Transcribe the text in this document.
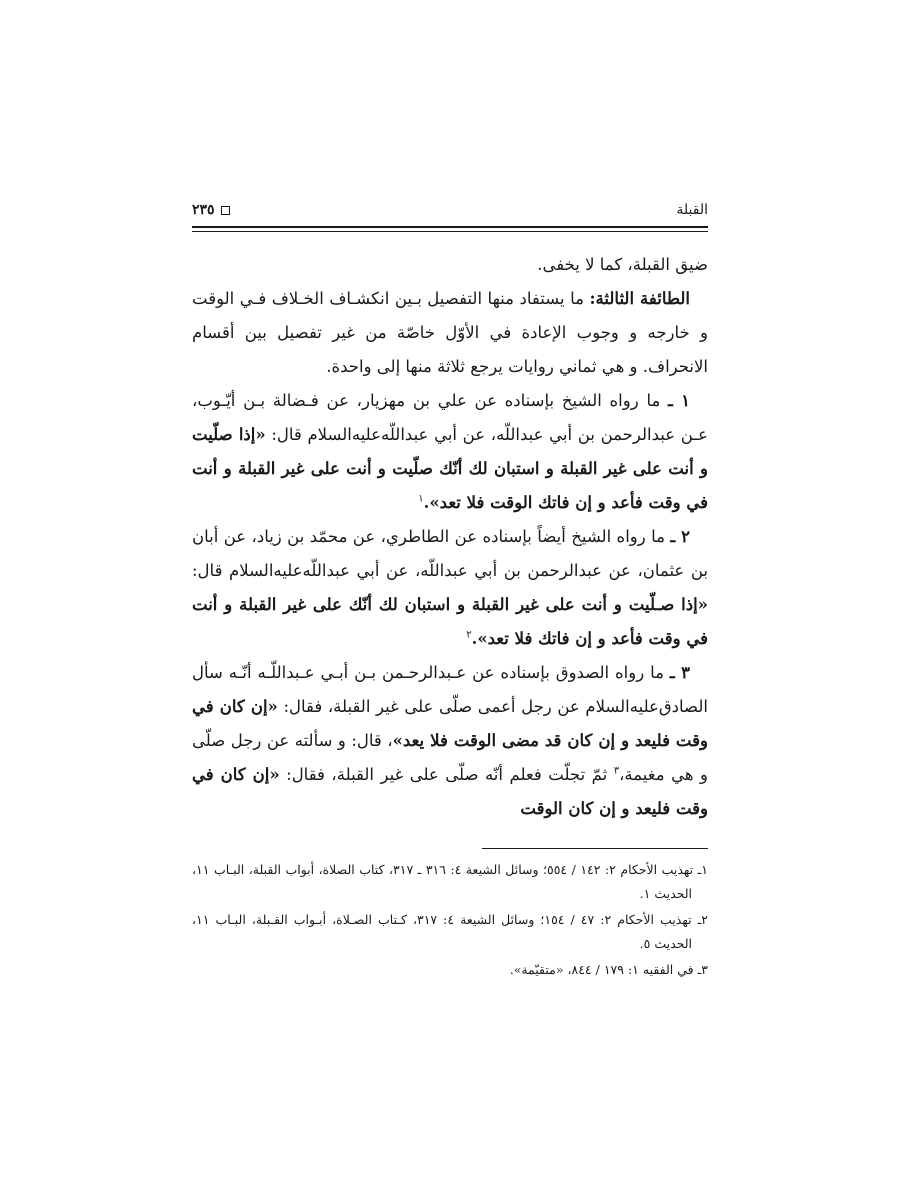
القبلة
٢٣٥

ضيق القبلة، كما لا يخفى.

الطائفة الثالثة: ما يستفاد منها التفصيل بـين انكشـاف الخـلاف فـي الوقت و خارجه و وجوب الإعادة في الأوّل خاصّة من غير تفصيل بين أقسام الانحراف. و هي ثماني روايات يرجع ثلاثة منها إلى واحدة.

١ ـ ما رواه الشيخ بإسناده عن علي بن مهزيار، عن فـضالة بـن أيّـوب، عـن عبدالرحمن بن أبي عبداللّه، عن أبي عبداللّه‌عليه‌السلام قال: «إذا صلّيت و أنت على غير القبلة و استبان لك أنّك صلّيت و أنت على غير القبلة و أنت في وقت فأعد و إن فاتك الوقت فلا تعد».$^١$

٢ ـ ما رواه الشيخ أيضاً بإسناده عن الطاطري، عن محمّد بن زياد، عن أبان بن عثمان، عن عبدالرحمن بن أبي عبداللّه، عن أبي عبداللّه‌عليه‌السلام قال: «إذا صـلّيت و أنت على غير القبلة و استبان لك أنّك على غير القبلة و أنت في وقت فأعد و إن فاتك فلا تعد».$^٢$

٣ ـ ما رواه الصدوق بإسناده عن عـبدالرحـمن بـن أبـي عـبداللّـه أنّـه سأل الصادق‌عليه‌السلام عن رجل أعمى صلّى على غير القبلة، فقال: «إن كان في وقت فليعد و إن كان قد مضى الوقت فلا يعد»، قال: و سألته عن رجل صلّى و هي مغيمة،$^٣$ ثمّ تجلّت فعلم أنّه صلّى على غير القبلة، فقال: «إن كان في وقت فليعد و إن كان الوقت

١ـ تهذيب الأحكام ٢: ١٤٢ / ٥٥٤؛ وسائل الشيعة ٤: ٣١٦ ـ ٣١٧، كتاب الصلاة، أبواب القبلة، البـاب ١١، الحديث ١.

٢ـ تهذيب الأحكام ٢: ٤٧ / ١٥٤؛ وسائل الشيعة ٤: ٣١٧، كـتاب الصـلاة، أبـواب القـبلة، البـاب ١١، الحديث ٥.

٣ـ في الفقيه ١: ١٧٩ / ٨٤٤، «متقيّمة».
